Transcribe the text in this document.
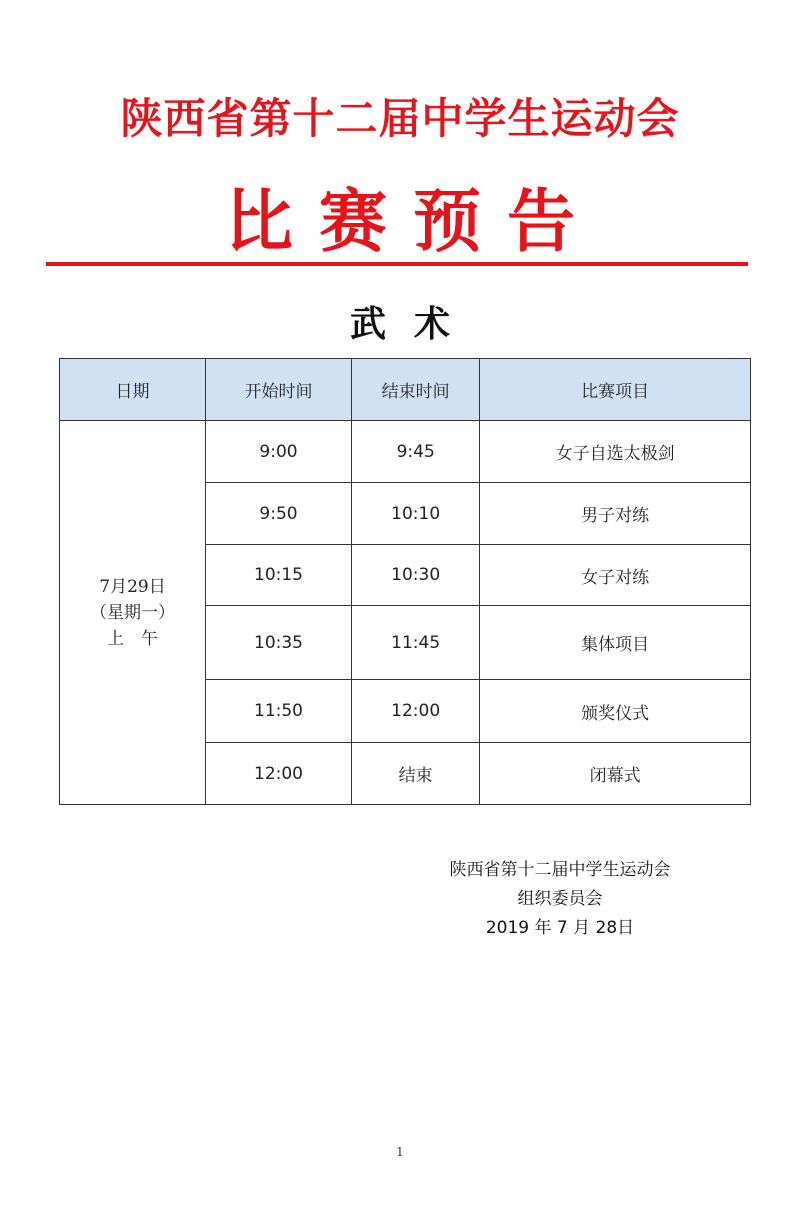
陕西省第十二届中学生运动会
比赛预告
武术
日期	开始时间	结束时间	比赛项目

7月29日
（星期一）
上　午	9:00	9:45	女子自选太极剑
	9:50	10:10	男子对练
	10:15	10:30	女子对练
	10:35	11:45	集体项目
	11:50	12:00	颁奖仪式
	12:00	结束	闭幕式
陕西省第十二届中学生运动会
组织委员会
2019 年 7 月 28日
1
